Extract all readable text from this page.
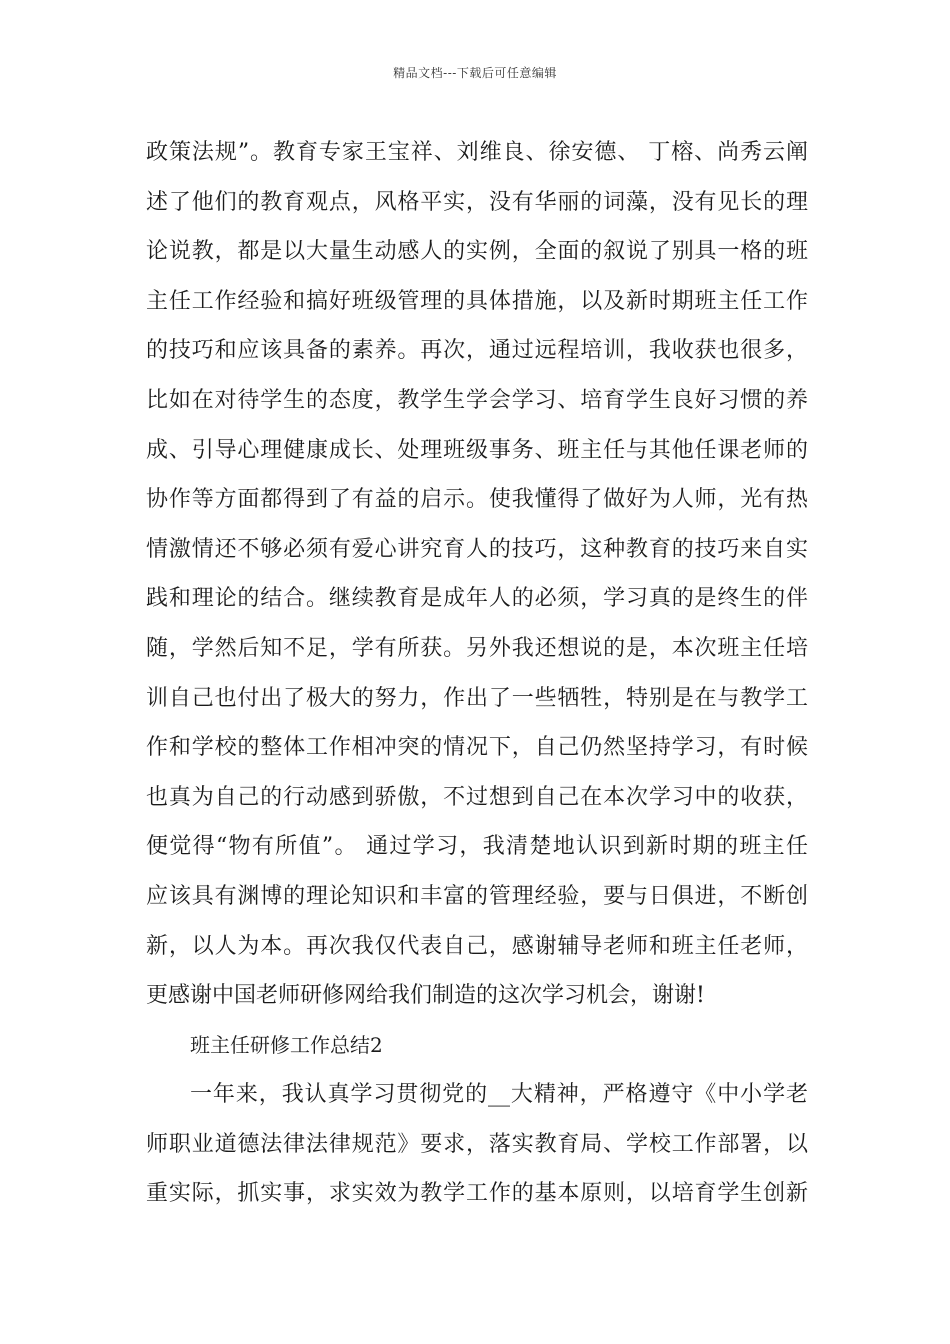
精品文档---下载后可任意编辑
政策法规”。教育专家王宝祥、刘维良、徐安德、 丁榕、尚秀云阐
述了他们的教育观点，风格平实，没有华丽的词藻，没有见长的理
论说教，都是以大量生动感人的实例，全面的叙说了别具一格的班
主任工作经验和搞好班级管理的具体措施，以及新时期班主任工作
的技巧和应该具备的素养。再次，通过远程培训，我收获也很多，
比如在对待学生的态度，教学生学会学习、培育学生良好习惯的养
成、引导心理健康成长、处理班级事务、班主任与其他任课老师的
协作等方面都得到了有益的启示。使我懂得了做好为人师，光有热
情激情还不够必须有爱心讲究育人的技巧，这种教育的技巧来自实
践和理论的结合。继续教育是成年人的必须，学习真的是终生的伴
随，学然后知不足，学有所获。另外我还想说的是，本次班主任培
训自己也付出了极大的努力，作出了一些牺牲，特别是在与教学工
作和学校的整体工作相冲突的情况下，自己仍然坚持学习，有时候
也真为自己的行动感到骄傲，不过想到自己在本次学习中的收获，
便觉得“物有所值”。 通过学习，我清楚地认识到新时期的班主任
应该具有渊博的理论知识和丰富的管理经验，要与日俱进，不断创
新，以人为本。再次我仅代表自己，感谢辅导老师和班主任老师，
更感谢中国老师研修网给我们制造的这次学习机会，谢谢!
班主任研修工作总结2
一年来，我认真学习贯彻党的__大精神，严格遵守《中小学老
师职业道德法律法律规范》要求，落实教育局、学校工作部署，以
重实际，抓实事，求实效为教学工作的基本原则，以培育学生创新
